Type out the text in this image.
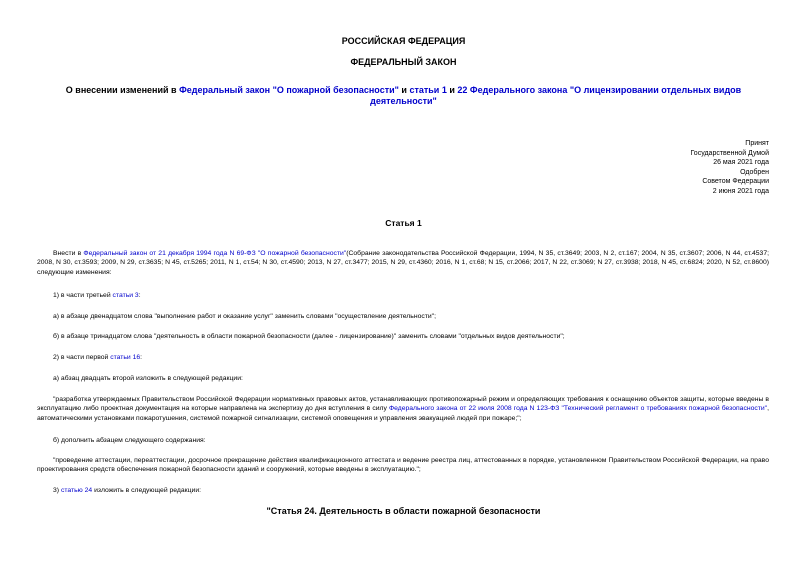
РОССИЙСКАЯ ФЕДЕРАЦИЯ
ФЕДЕРАЛЬНЫЙ ЗАКОН
О внесении изменений в Федеральный закон "О пожарной безопасности" и статьи 1 и 22 Федерального закона "О лицензировании отдельных видов деятельности"
Принят
Государственной Думой
26 мая 2021 года
Одобрен
Советом Федерации
2 июня 2021 года
Статья 1
Внести в Федеральный закон от 21 декабря 1994 года N 69-ФЗ "О пожарной безопасности"(Собрание законодательства Российской Федерации, 1994, N 35, ст.3649; 2003, N 2, ст.167; 2004, N 35, ст.3607; 2006, N 44, ст.4537; 2008, N 30, ст.3593; 2009, N 29, ст.3635; N 45, ст.5265; 2011, N 1, ст.54; N 30, ст.4590; 2013, N 27, ст.3477; 2015, N 29, ст.4360; 2016, N 1, ст.68; N 15, ст.2066; 2017, N 22, ст.3069; N 27, ст.3938; 2018, N 45, ст.6824; 2020, N 52, ст.8600) следующие изменения:
1) в части третьей статьи 3:
а) в абзаце двенадцатом слова "выполнение работ и оказание услуг" заменить словами "осуществление деятельности";
б) в абзаце тринадцатом слова "деятельность в области пожарной безопасности (далее - лицензирование)" заменить словами "отдельных видов деятельности";
2) в части первой статьи 16:
а) абзац двадцать второй изложить в следующей редакции:
"разработка утверждаемых Правительством Российской Федерации нормативных правовых актов, устанавливающих противопожарный режим и определяющих требования к оснащению объектов защиты, которые введены в эксплуатацию либо проектная документация на которые направлена на экспертизу до дня вступления в силу Федерального закона от 22 июля 2008 года N 123-ФЗ "Технический регламент о требованиях пожарной безопасности", автоматическими установками пожаротушения, системой пожарной сигнализации, системой оповещения и управления эвакуацией людей при пожаре;";
б) дополнить абзацем следующего содержания:
"проведение аттестации, переаттестации, досрочное прекращение действия квалификационного аттестата и ведение реестра лиц, аттестованных в порядке, установленном Правительством Российской Федерации, на право проектирования средств обеспечения пожарной безопасности зданий и сооружений, которые введены в эксплуатацию.";
3) статью 24 изложить в следующей редакции:
"Статья 24. Деятельность в области пожарной безопасности
